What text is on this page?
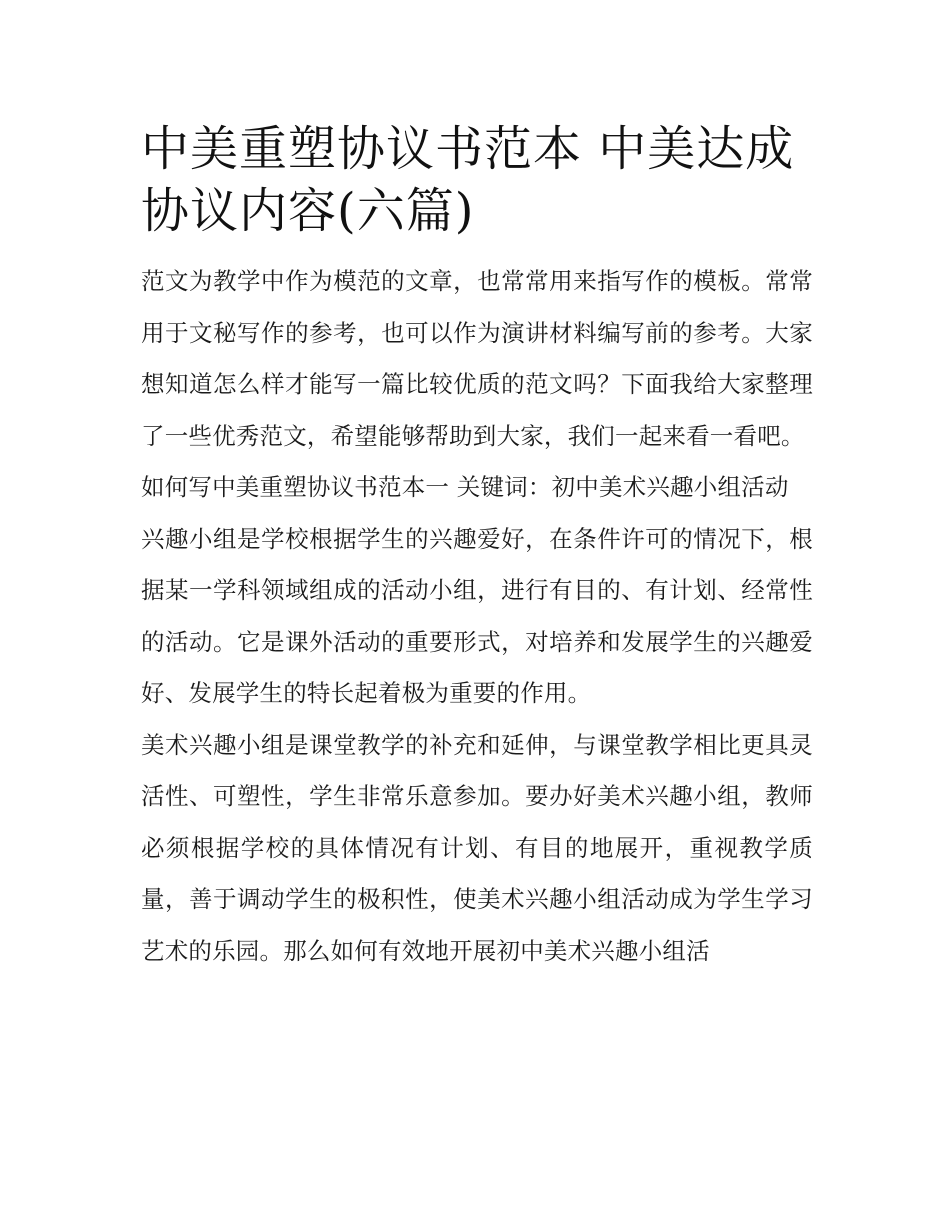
中美重塑协议书范本 中美达成协议内容(六篇)

范文为教学中作为模范的文章，也常常用来指写作的模板。常常用于文秘写作的参考，也可以作为演讲材料编写前的参考。大家想知道怎么样才能写一篇比较优质的范文吗？下面我给大家整理了一些优秀范文，希望能够帮助到大家，我们一起来看一看吧。

如何写中美重塑协议书范本一 关键词：初中美术兴趣小组活动

兴趣小组是学校根据学生的兴趣爱好，在条件许可的情况下，根据某一学科领域组成的活动小组，进行有目的、有计划、经常性的活动。它是课外活动的重要形式，对培养和发展学生的兴趣爱好、发展学生的特长起着极为重要的作用。

美术兴趣小组是课堂教学的补充和延伸，与课堂教学相比更具灵活性、可塑性，学生非常乐意参加。要办好美术兴趣小组，教师必须根据学校的具体情况有计划、有目的地展开，重视教学质量，善于调动学生的极积性，使美术兴趣小组活动成为学生学习艺术的乐园。那么如何有效地开展初中美术兴趣小组活
